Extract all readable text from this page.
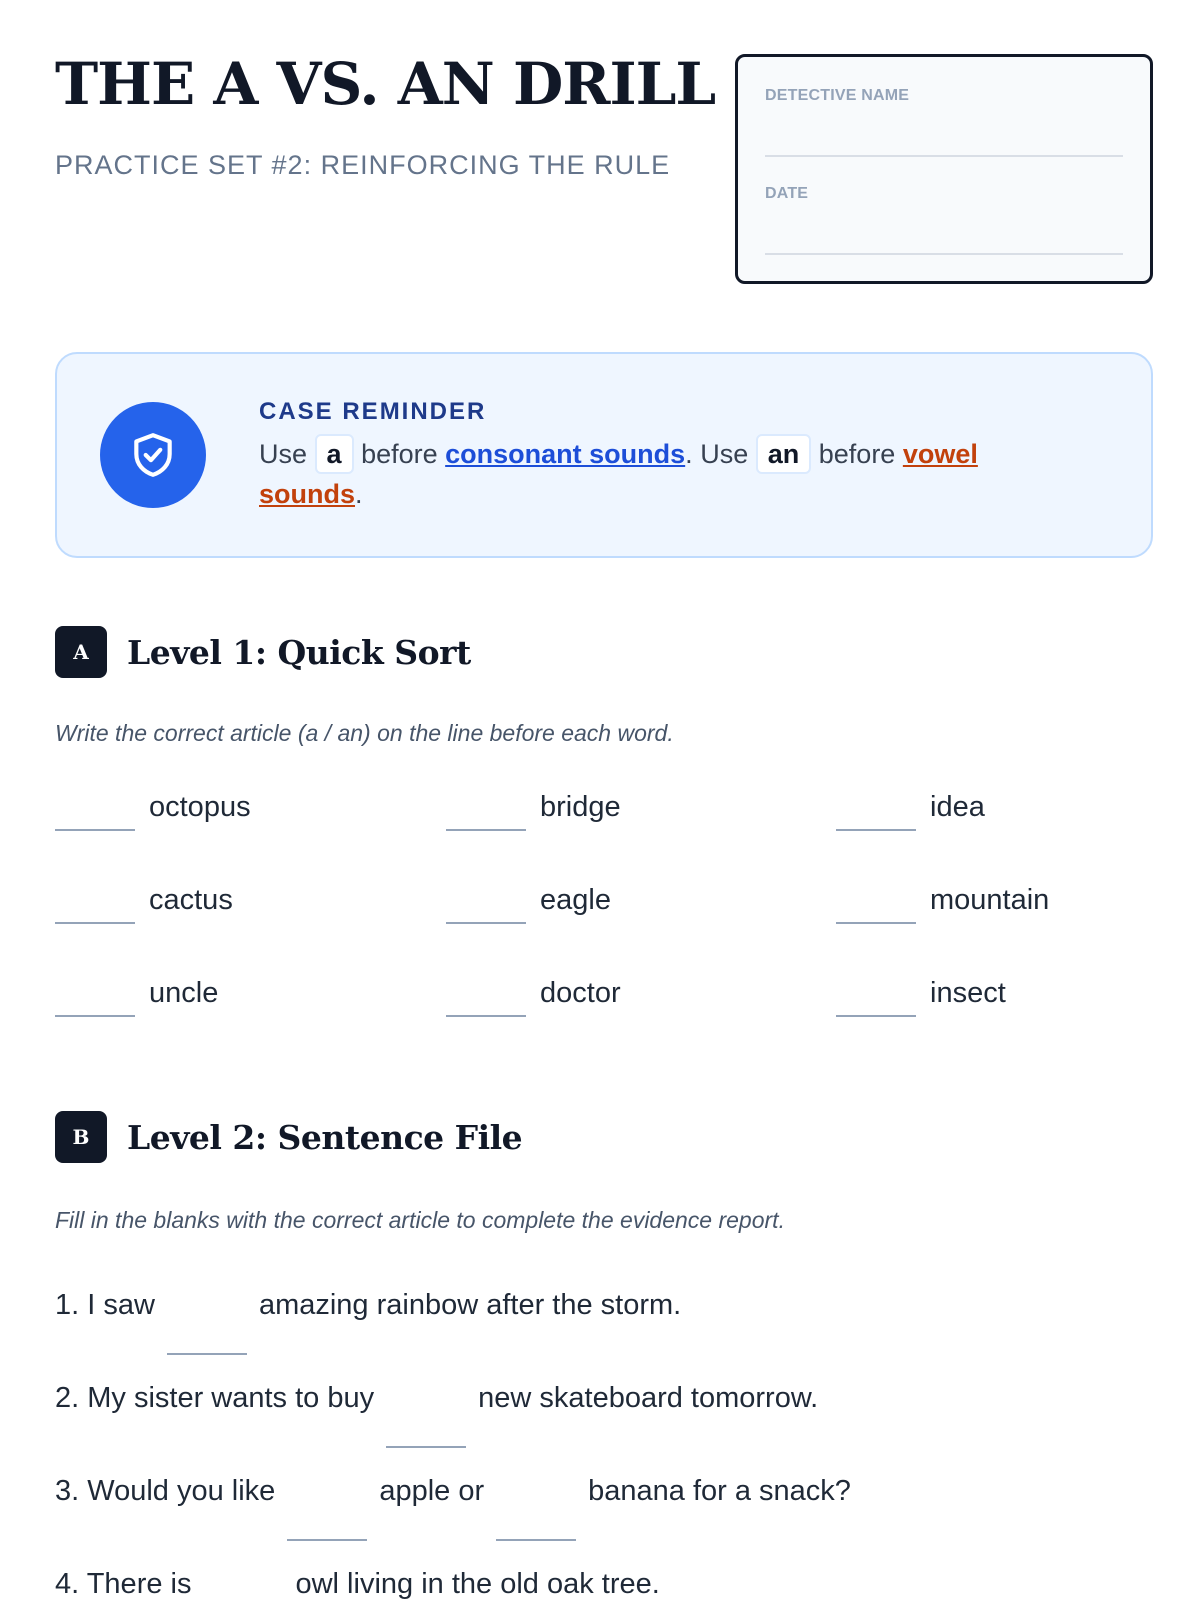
THE A VS. AN DRILL
PRACTICE SET #2: REINFORCING THE RULE
DETECTIVE NAME
DATE
CASE REMINDER
Use a before consonant sounds. Use an before vowel sounds.
A	Level 1: Quick Sort
Write the correct article (a / an) on the line before each word.
octopus	bridge	idea
cactus	eagle	mountain
uncle	doctor	insect
B	Level 2: Sentence File
Fill in the blanks with the correct article to complete the evidence report.
1. I saw	amazing rainbow after the storm.
2. My sister wants to buy	new skateboard tomorrow.
3. Would you like	apple or	banana for a snack?
4. There is	owl living in the old oak tree.
